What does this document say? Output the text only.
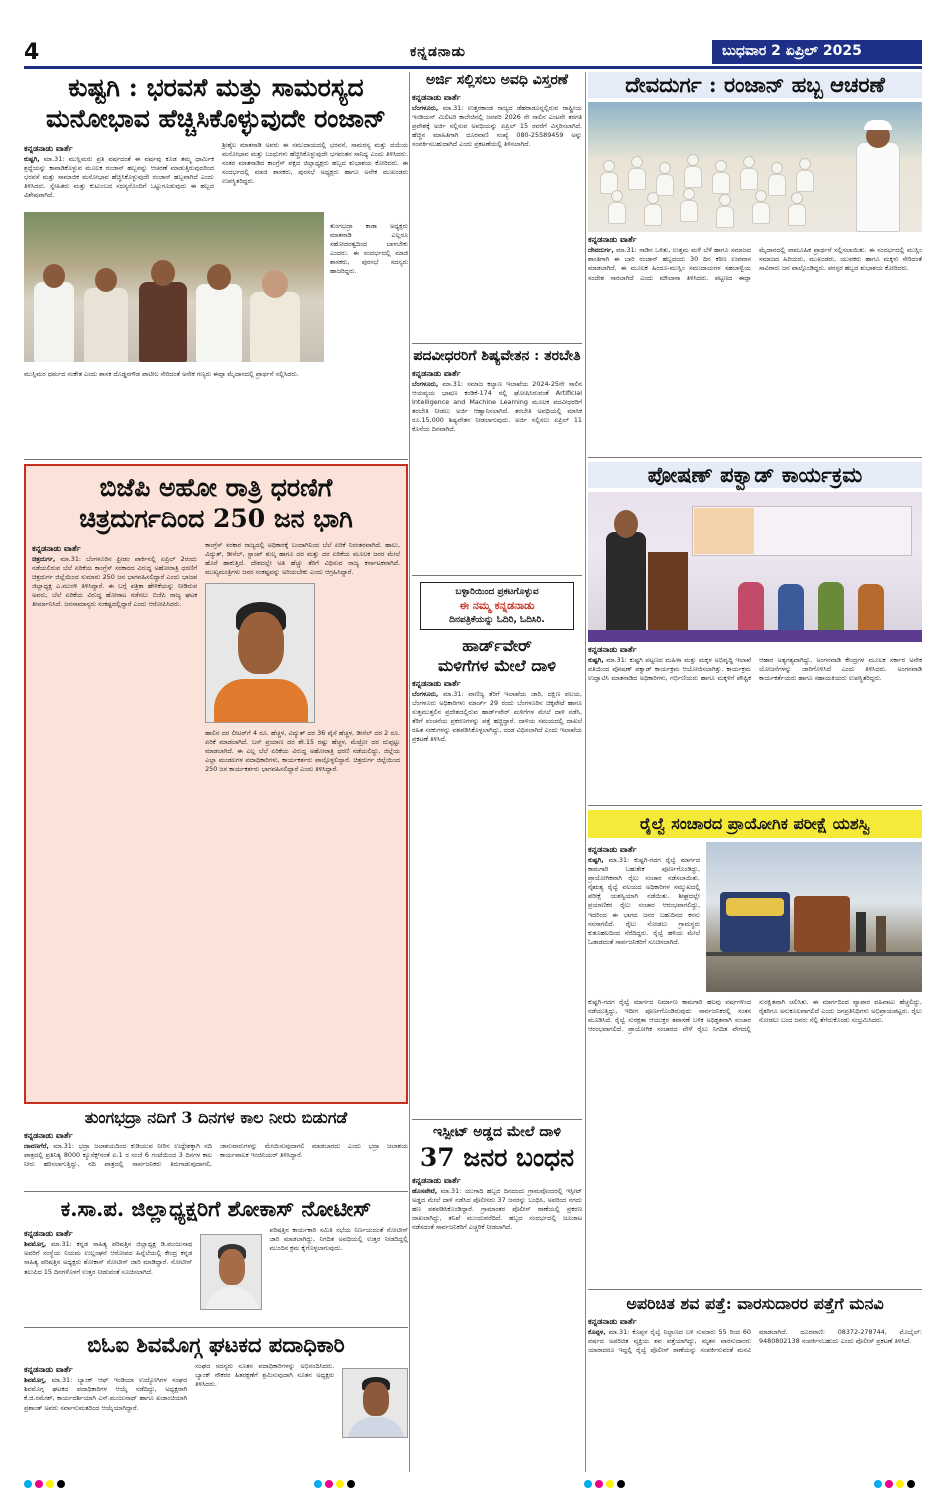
4	ಕನ್ನಡನಾಡು	ಬುಧವಾರ 2 ಏಪ್ರಿಲ್ 2025
ಕುಷ್ಟಗಿ : ಭರವಸೆ ಮತ್ತು ಸಾಮರಸ್ಯದ
ಮನೋಭಾವ ಹೆಚ್ಚಿಸಿಕೊಳ್ಳುವುದೇ ರಂಜಾನ್
ಕನ್ನಡನಾಡು ವಾರ್ತೆ
ಕುಷ್ಟಗಿ, ಮಾ.31: ಮುಸ್ಲಿಮರು ಪ್ರತಿ ವರ್ಷದಂತೆ ಈ ವರ್ಷವು ಕೂಡ ತಮ್ಮ ಧಾರ್ಮಿಕ ಶ್ರದ್ಧೆಯನ್ನು ಕಾಪಾಡಿಕೊಳ್ಳುವ ಮೂಲಕ ರಂಜಾನ್ ಹಬ್ಬವನ್ನು ಆಚರಣೆ ಮಾಡುತ್ತಿರುವುದರಿಂದ ಭರವಸೆ ಮತ್ತು ಸಾಮಾಜಿಕ ಮನೋಭಾವ ಹೆಚ್ಚಿಸಿಕೊಳ್ಳುವುದೇ ರಂಜಾನ್ ಹಬ್ಬವಾಗಿದೆ ಎಂದು ತಿಳಿಸಿದರು. ಸ್ನೇಹಿತರು ಮತ್ತು ಕುಟುಂಬದ ಸದಸ್ಯರೊಂದಿಗೆ ಒಟ್ಟುಗೂಡುವುದು ಈ ಹಬ್ಬದ ವಿಶೇಷವಾಗಿದೆ.
ಶ್ರೀಶೈಲ ಮಾತನಾಡಿ ಅವರು ಈ ಸಮುದಾಯದಲ್ಲಿ ಭರವಸೆ, ಸಾಮರಸ್ಯ ಮತ್ತು ದಯೆಯ ಮನೋಭಾವ ಮತ್ತು ಬಂಧುಗಳು ಹೆಚ್ಚಿಸಿಕೊಳ್ಳುವುದೇ ಭಗವಂತನ ಸಾನಿಧ್ಯ ಎಂದು ತಿಳಿಸಿದರು. ನಂತರ ಮಾತನಾಡಿದ ಕಾಂಗ್ರೆಸ್ ಪಕ್ಷದ ಜಿಲ್ಲಾಧ್ಯಕ್ಷರು ಹಬ್ಬದ ಶುಭಾಶಯ ಕೋರಿದರು. ಈ ಸಂದರ್ಭದಲ್ಲಿ ಮಾಜಿ ಶಾಸಕರು, ಪುರಸಭೆ ಅಧ್ಯಕ್ಷರು ಹಾಗೂ ಅನೇಕ ಮುಖಂಡರು ಉಪಸ್ಥಿತರಿದ್ದರು.
ತುಂಗಭದ್ರಾ ಕಾಡಾ ಅಧ್ಯಕ್ಷರು ಮಾತನಾಡಿ ಎಲ್ಲರೂ ಸಹೋದರತ್ವದಿಂದ ಬಾಳಬೇಕು ಎಂದರು. ಈ ಸಂದರ್ಭದಲ್ಲಿ ಮಾಜಿ ಶಾಸಕರು, ಪುರಸಭೆ ಸದಸ್ಯರು ಹಾಜರಿದ್ದರು.
ಮುಸ್ಲಿಮರ ಧರ್ಮದ ಸಂಕೇತ ಎಂದು ಶಾಸಕ ದೊಡ್ಡನಗೌಡ ಪಾಟೀಲ ಸೇರಿದಂತೆ ಅನೇಕ ಗಣ್ಯರು ಈದ್ಗಾ ಮೈದಾನದಲ್ಲಿ ಪ್ರಾರ್ಥನೆ ಸಲ್ಲಿಸಿದರು.
ಬಿಜೆಪಿ ಅಹೋ ರಾತ್ರಿ ಧರಣಿಗೆ
ಚಿತ್ರದುರ್ಗದಿಂದ 250 ಜನ ಭಾಗಿ
ಕನ್ನಡನಾಡು ವಾರ್ತೆ
ಚಿತ್ರದುರ್ಗ, ಮಾ.31: ಬೆಂಗಳೂರಿನ ಫ್ರೀಡಂ ಪಾರ್ಕಿನಲ್ಲಿ ಏಪ್ರಿಲ್ 2ರಂದು ನಡೆಯಲಿರುವ ಬೆಲೆ ಏರಿಕೆಯ ಕಾಂಗ್ರೆಸ್ ಸರಕಾರದ ವಿರುದ್ಧ ಅಹೋರಾತ್ರಿ ಧರಣಿಗೆ ಚಿತ್ರದುರ್ಗ ಜಿಲ್ಲೆಯಿಂದ ಸುಮಾರು 250 ಜನ ಭಾಗವಹಿಸಲಿದ್ದಾರೆ ಎಂದು ಭಾಜಪ ಜಿಲ್ಲಾಧ್ಯಕ್ಷ ಎ.ಮುರಳಿ ತಿಳಿಸಿದ್ದಾರೆ. ಈ ಬಗ್ಗೆ ಪತ್ರಿಕಾ ಹೇಳಿಕೆಯನ್ನು ನೀಡಿರುವ ಅವರು, ಬೆಲೆ ಏರಿಕೆಯ ವಿರುದ್ಧ ಹೋರಾಟ ನಡೆಸಲು ಬಿಜೆಪಿ ರಾಜ್ಯ ಘಟಕ ತೀರ್ಮಾನಿಸಿದೆ. ಜನಸಾಮಾನ್ಯರು ಸಂಕಷ್ಟದಲ್ಲಿದ್ದಾರೆ ಎಂದು ಆರೋಪಿಸಿದರು.
ಕಾಂಗ್ರೆಸ್ ಸರಕಾರ ರಾಜ್ಯದಲ್ಲಿ ಅಧಿಕಾರಕ್ಕೆ ಬಂದಾಗಿನಿಂದ ಬೆಲೆ ಏರಿಕೆ ನಿರಂತರವಾಗಿದೆ. ಹಾಲು, ವಿದ್ಯುತ್, ಡೀಸೆಲ್, ಸ್ಟಾಂಪ್ ಶುಲ್ಕ ಹಾಗೂ ದರ ಮತ್ತು ದರ ಏರಿಕೆಯ ಮೂಲಕ ಜನರ ಮೇಲೆ ಹೊರೆ ಹಾಕುತ್ತಿದೆ. ದೇಶದಲ್ಲೇ ಅತಿ ಹೆಚ್ಚು ತೆರಿಗೆ ವಿಧಿಸುವ ರಾಜ್ಯ ಕರ್ನಾಟಕವಾಗಿದೆ. ಮುಖ್ಯಮಂತ್ರಿಗಳು ಜನರ ಸಂಕಷ್ಟವನ್ನು ಅರಿಯಬೇಕು ಎಂದು ಆಗ್ರಹಿಸಿದ್ದಾರೆ.
ಹಾಲಿನ ದರ ಲೀಟರ್‌ಗೆ 4 ರೂ. ಹೆಚ್ಚಳ, ವಿದ್ಯುತ್ ದರ 36 ಪೈಸೆ ಹೆಚ್ಚಳ, ಡೀಸೆಲ್ ದರ 2 ರೂ. ಏರಿಕೆ ಮಾಡಲಾಗಿದೆ. ಬಸ್ ಪ್ರಯಾಣ ದರ ಶೇ.15 ರಷ್ಟು ಹೆಚ್ಚಳ, ಮೆಟ್ರೋ ದರ ದುಪ್ಪಟ್ಟು ಮಾಡಲಾಗಿದೆ. ಈ ಎಲ್ಲ ಬೆಲೆ ಏರಿಕೆಯ ವಿರುದ್ಧ ಅಹೋರಾತ್ರಿ ಧರಣಿ ನಡೆಯಲಿದ್ದು, ಜಿಲ್ಲೆಯ ಎಲ್ಲಾ ಮಂಡಲಗಳ ಪದಾಧಿಕಾರಿಗಳು, ಕಾರ್ಯಕರ್ತರು ಪಾಲ್ಗೊಳ್ಳಲಿದ್ದಾರೆ. ಚಿತ್ರದುರ್ಗ ಜಿಲ್ಲೆಯಿಂದ 250 ಜನ ಕಾರ್ಯಕರ್ತರು ಭಾಗವಹಿಸಲಿದ್ದಾರೆ ಎಂದು ತಿಳಿಸಿದ್ದಾರೆ.
ತುಂಗಭದ್ರಾ ನದಿಗೆ 3 ದಿನಗಳ ಕಾಲ ನೀರು ಬಿಡುಗಡೆ
ಕನ್ನಡನಾಡು ವಾರ್ತೆ
ದಾವಣಗೆರೆ, ಮಾ.31: ಭದ್ರಾ ಜಲಾಶಯದಿಂದ ಕುಡಿಯುವ ನೀರಿನ ಉದ್ದೇಶಕ್ಕಾಗಿ ನದಿ ಪಾತ್ರದಲ್ಲಿ ಪ್ರತಿನಿತ್ಯ 8000 ಕ್ಯೂಸೆಕ್ಸ್‌ನಂತೆ ಏ.1 ರ ಸಂಜೆ 6 ಗಂಟೆಯಿಂದ 3 ದಿನಗಳ ಕಾಲ ನೀರು ಹರಿಸಲಾಗುತ್ತಿದ್ದು, ನದಿ ಪಾತ್ರದಲ್ಲಿ ಸಾರ್ವಜನಿಕರು ತಿರುಗಾಡುವುದಾಗಲಿ, ಜಾನುವಾರುಗಳನ್ನು ಮೇಯಿಸುವುದಾಗಲಿ ಮಾಡಬಾರದು ಎಂದು ಭದ್ರಾ ಜಲಾಶಯ ಕಾರ್ಯಪಾಲಕ ಇಂಜಿನಿಯರ್ ತಿಳಿಸಿದ್ದಾರೆ.
ಕ.ಸಾ.ಪ. ಜಿಲ್ಲಾಧ್ಯಕ್ಷರಿಗೆ ಶೋಕಾಸ್ ನೋಟೀಸ್
ಕನ್ನಡನಾಡು ವಾರ್ತೆ
ಶಿವಮೊಗ್ಗ, ಮಾ.31: ಕನ್ನಡ ಸಾಹಿತ್ಯ ಪರಿಷತ್ತಿನ ಜಿಲ್ಲಾಧ್ಯಕ್ಷ ಡಿ.ಮಂಜುನಾಥ ಅವರಿಗೆ ಸಂಸ್ಥೆಯ ನಿಯಮ ಉಲ್ಲಂಘನೆ ಆರೋಪದ ಹಿನ್ನೆಲೆಯಲ್ಲಿ ಕೇಂದ್ರ ಕನ್ನಡ ಸಾಹಿತ್ಯ ಪರಿಷತ್ತಿನ ಅಧ್ಯಕ್ಷರು ಶೋಕಾಸ್ ನೋಟೀಸ್ ಜಾರಿ ಮಾಡಿದ್ದಾರೆ. ನೋಟೀಸ್ ತಲುಪಿದ 15 ದಿನಗಳೊಳಗೆ ಉತ್ತರ ನೀಡುವಂತೆ ಸೂಚಿಸಲಾಗಿದೆ.
ಪರಿಷತ್ತಿನ ಕಾರ್ಯಕಾರಿ ಸಮಿತಿ ಸಭೆಯ ನಿರ್ಣಯದಂತೆ ನೋಟೀಸ್ ಜಾರಿ ಮಾಡಲಾಗಿದ್ದು, ನಿಗದಿತ ಅವಧಿಯಲ್ಲಿ ಉತ್ತರ ನೀಡದಿದ್ದಲ್ಲಿ ಮುಂದಿನ ಕ್ರಮ ಕೈಗೊಳ್ಳಲಾಗುವುದು.
ಬಿಓಐ ಶಿವಮೊಗ್ಗ ಘಟಕದ ಪದಾಧಿಕಾರಿ
ಕನ್ನಡನಾಡು ವಾರ್ತೆ
ಶಿವಮೊಗ್ಗ, ಮಾ.31: ಬ್ಯಾಂಕ್ ಆಫ್ ಇಂಡಿಯಾ ಉದ್ಯೋಗಿಗಳ ಸಂಘದ ಶಿವಮೊಗ್ಗ ಘಟಕದ ಪದಾಧಿಕಾರಿಗಳ ಆಯ್ಕೆ ನಡೆದಿದ್ದು, ಅಧ್ಯಕ್ಷರಾಗಿ ಕೆ.ಜಿ.ರಮೇಶ್, ಕಾರ್ಯದರ್ಶಿಯಾಗಿ ಎಸ್.ಮಂಜುನಾಥ್ ಹಾಗೂ ಖಜಾಂಚಿಯಾಗಿ ಪ್ರಶಾಂತ್ ಅವರು ಸರ್ವಾನುಮತದಿಂದ ಆಯ್ಕೆಯಾಗಿದ್ದಾರೆ.
ಸಂಘದ ಸದಸ್ಯರು ನೂತನ ಪದಾಧಿಕಾರಿಗಳನ್ನು ಅಭಿನಂದಿಸಿದರು. ಬ್ಯಾಂಕ್ ನೌಕರರ ಹಿತರಕ್ಷಣೆಗೆ ಶ್ರಮಿಸುವುದಾಗಿ ನೂತನ ಅಧ್ಯಕ್ಷರು ತಿಳಿಸಿದರು.
ಅರ್ಜಿ ಸಲ್ಲಿಸಲು ಅವಧಿ ವಿಸ್ತರಣೆ
ಕನ್ನಡನಾಡು ವಾರ್ತೆ
ಬೆಂಗಳೂರು, ಮಾ.31: ಉತ್ತರಕಾಂಡ ರಾಜ್ಯದ ಡೆಹರಾಡೂನ್ನಲ್ಲಿರುವ ರಾಷ್ಟ್ರೀಯ ಇಂಡಿಯನ್ ಮಿಲಿಟರಿ ಕಾಲೇಜಿನಲ್ಲಿ ಜನವರಿ 2026 ನೇ ಸಾಲಿನ ಎಂಟನೇ ತರಗತಿ ಪ್ರವೇಶಕ್ಕೆ ಅರ್ಜಿ ಸಲ್ಲಿಸುವ ಅವಧಿಯನ್ನು ಏಪ್ರಿಲ್ 15 ರವರೆಗೆ ವಿಸ್ತರಿಸಲಾಗಿದೆ. ಹೆಚ್ಚಿನ ಮಾಹಿತಿಗಾಗಿ ದೂರವಾಣಿ ಸಂಖ್ಯೆ 080-25589459 ಅನ್ನು ಸಂಪರ್ಕಿಸಬಹುದಾಗಿದೆ ಎಂದು ಪ್ರಕಟಣೆಯಲ್ಲಿ ತಿಳಿಸಲಾಗಿದೆ.
ಪದವೀಧರರಿಗೆ ಶಿಷ್ಯವೇತನ : ತರಬೇತಿ
ಕನ್ನಡನಾಡು ವಾರ್ತೆ
ಬೆಂಗಳೂರು, ಮಾ.31: ಸಮಾಜ ಕಲ್ಯಾಣ ಇಲಾಖೆಯ 2024-25ನೇ ಸಾಲಿನ ಆಯವ್ಯಯ ಭಾಷಣ ಕಂಡಿಕೆ-174 ರಲ್ಲಿ ಘೋಷಿಸಿರುವಂತೆ Artificial Intelligence and Machine Learning ಮೂಲಕ ಪದವೀಧರರಿಗೆ ತರಬೇತಿ ನೀಡಲು ಅರ್ಜಿ ಆಹ್ವಾನಿಸಲಾಗಿದೆ. ತರಬೇತಿ ಅವಧಿಯಲ್ಲಿ ಮಾಸಿಕ ರೂ.15,000 ಶಿಷ್ಯವೇತನ ನೀಡಲಾಗುವುದು. ಅರ್ಜಿ ಸಲ್ಲಿಸಲು ಏಪ್ರಿಲ್ 11 ಕೊನೆಯ ದಿನವಾಗಿದೆ.
ಬಳ್ಳಾರಿಯಿಂದ ಪ್ರಕಟಗೊಳ್ಳುವ
ಈ ನಮ್ಮ ಕನ್ನಡನಾಡು
ದಿನಪತ್ರಿಕೆಯನ್ನು ಓದಿರಿ, ಓದಿಸಿರಿ.
ಹಾರ್ಡ್‌ವೇರ್
ಮಳಿಗೆಗಳ ಮೇಲೆ ದಾಳಿ
ಕನ್ನಡನಾಡು ವಾರ್ತೆ
ಬೆಂಗಳೂರು, ಮಾ.31: ವಾಣಿಜ್ಯ ತೆರಿಗೆ ಇಲಾಖೆಯ ಜಾರಿ, ದಕ್ಷಿಣ ವಲಯ, ಬೆಂಗಳೂರು ಅಧಿಕಾರಿಗಳು ಮಾರ್ಚ್ 29 ರಂದು ಬೆಂಗಳೂರಿನ ಚಿಕ್ಕಪೇಟೆ ಹಾಗೂ ಸುತ್ತಮುತ್ತಲಿನ ಪ್ರದೇಶದಲ್ಲಿರುವ ಹಾರ್ಡ್‌ವೇರ್ ಮಳಿಗೆಗಳ ಮೇಲೆ ದಾಳಿ ನಡೆಸಿ, ತೆರಿಗೆ ವಂಚನೆಯ ಪ್ರಕರಣಗಳನ್ನು ಪತ್ತೆ ಹಚ್ಚಿದ್ದಾರೆ. ದಾಳಿಯ ಸಮಯದಲ್ಲಿ ದಾಖಲೆ ರಹಿತ ಸರಕುಗಳನ್ನು ವಶಪಡಿಸಿಕೊಳ್ಳಲಾಗಿದ್ದು, ದಂಡ ವಿಧಿಸಲಾಗಿದೆ ಎಂದು ಇಲಾಖೆಯ ಪ್ರಕಟಣೆ ತಿಳಿಸಿದೆ.
ಇಸ್ಪೀಟ್ ಅಡ್ಡದ ಮೇಲೆ ದಾಳಿ
37 ಜನರ ಬಂಧನ
ಕನ್ನಡನಾಡು ವಾರ್ತೆ
ಹೊಸಪೇಟೆ, ಮಾ.31: ಯುಗಾದಿ ಹಬ್ಬದ ದಿನದಂದು ಗ್ರಾಮವೊಂದರಲ್ಲಿ ಇಸ್ಪೀಟ್ ಅಡ್ಡದ ಮೇಲೆ ದಾಳಿ ನಡೆಸಿದ ಪೊಲೀಸರು 37 ಜನರನ್ನು ಬಂಧಿಸಿ, ಅವರಿಂದ ನಗದು ಹಣ ವಶಪಡಿಸಿಕೊಂಡಿದ್ದಾರೆ. ಗ್ರಾಮಾಂತರ ಪೊಲೀಸ್ ಠಾಣೆಯಲ್ಲಿ ಪ್ರಕರಣ ದಾಖಲಾಗಿದ್ದು, ತನಿಖೆ ಮುಂದುವರೆದಿದೆ. ಹಬ್ಬದ ಸಂದರ್ಭದಲ್ಲಿ ಜೂಜಾಟ ನಡೆಸದಂತೆ ಸಾರ್ವಜನಿಕರಿಗೆ ಎಚ್ಚರಿಕೆ ನೀಡಲಾಗಿದೆ.
ದೇವದುರ್ಗ : ರಂಜಾನ್ ಹಬ್ಬ ಆಚರಣೆ
ಕನ್ನಡನಾಡು ವಾರ್ತೆ
ದೇವದುರ್ಗ, ಮಾ.31: ನಾಡಿನ ಒಳಿತು, ಉತ್ತಮ ಮಳೆ ಬೆಳೆ ಹಾಗೂ ಸಮಾಜದ ಶಾಂತಿಗಾಗಿ ಈ ಬಾರಿ ರಂಜಾನ್ ಹಬ್ಬದಂದು 30 ದಿನ ಕಠಿಣ ಉಪವಾಸ ಮಾಡಲಾಗಿದೆ. ಈ ಮೂಲಕ ಹಿಂದೂ-ಮುಸ್ಲಿಂ ಸಮುದಾಯಗಳ ಸಹಬಾಳ್ವೆಯ ಸಂದೇಶ ಸಾರಲಾಗಿದೆ ಎಂದು ಮೌಲಾನಾ ತಿಳಿಸಿದರು. ಪಟ್ಟಣದ ಈದ್ಗಾ ಮೈದಾನದಲ್ಲಿ ಸಾಮೂಹಿಕ ಪ್ರಾರ್ಥನೆ ಸಲ್ಲಿಸಲಾಯಿತು. ಈ ಸಂದರ್ಭದಲ್ಲಿ ಮುಸ್ಲಿಂ ಸಮಾಜದ ಹಿರಿಯರು, ಮುಖಂಡರು, ಯುವಕರು ಹಾಗೂ ಮಕ್ಕಳು ಸೇರಿದಂತೆ ಸಾವಿರಾರು ಜನ ಪಾಲ್ಗೊಂಡಿದ್ದರು. ಪರಸ್ಪರ ಹಬ್ಬದ ಶುಭಾಶಯ ಕೋರಿದರು.
ಪೋಷಣ್ ಪಕ್ವಾಡ್ ಕಾರ್ಯಕ್ರಮ
ಕನ್ನಡನಾಡು ವಾರ್ತೆ
ಕುಷ್ಟಗಿ, ಮಾ.31: ಕುಷ್ಟಗಿ ಪಟ್ಟಣದ ಮಹಿಳಾ ಮತ್ತು ಮಕ್ಕಳ ಅಭಿವೃದ್ಧಿ ಇಲಾಖೆ ವತಿಯಿಂದ ಪೋಷಣ್ ಪಕ್ವಾಡ್ ಕಾರ್ಯಕ್ರಮ ಆಯೋಜಿಸಲಾಗಿತ್ತು. ಕಾರ್ಯಕ್ರಮ ಉದ್ಘಾಟಿಸಿ ಮಾತನಾಡಿದ ಅಧಿಕಾರಿಗಳು, ಗರ್ಭಿಣಿಯರು ಹಾಗೂ ಮಕ್ಕಳಿಗೆ ಪೌಷ್ಟಿಕ ಆಹಾರ ಅತ್ಯಗತ್ಯವಾಗಿದ್ದು, ಅಂಗನವಾಡಿ ಕೇಂದ್ರಗಳ ಮೂಲಕ ಸರ್ಕಾರ ಅನೇಕ ಯೋಜನೆಗಳನ್ನು ಜಾರಿಗೊಳಿಸಿದೆ ಎಂದು ತಿಳಿಸಿದರು. ಅಂಗನವಾಡಿ ಕಾರ್ಯಕರ್ತೆಯರು ಹಾಗೂ ಸಹಾಯಕಿಯರು ಉಪಸ್ಥಿತರಿದ್ದರು.
ರೈಲ್ವೆ ಸಂಚಾರದ ಪ್ರಾಯೋಗಿಕ ಪರೀಕ್ಷೆ ಯಶಸ್ವಿ
ಕನ್ನಡನಾಡು ವಾರ್ತೆ
ಕುಷ್ಟಗಿ, ಮಾ.31: ಕುಷ್ಟಗಿ-ಗದಗ ರೈಲ್ವೆ ಮಾರ್ಗದ ಕಾಮಗಾರಿ ಬಹುತೇಕ ಪೂರ್ಣಗೊಂಡಿದ್ದು, ಪ್ರಾಯೋಗಿಕವಾಗಿ ರೈಲು ಸಂಚಾರ ನಡೆಸಲಾಯಿತು. ನೈಋತ್ಯ ರೈಲ್ವೆ ವಲಯದ ಅಧಿಕಾರಿಗಳ ಸಮ್ಮುಖದಲ್ಲಿ ಪರೀಕ್ಷೆ ಯಶಸ್ವಿಯಾಗಿ ನಡೆಯಿತು. ಶೀಘ್ರದಲ್ಲೇ ಪ್ರಯಾಣಿಕರ ರೈಲು ಸಂಚಾರ ಆರಂಭವಾಗಲಿದ್ದು, ಇದರಿಂದ ಈ ಭಾಗದ ಜನರ ಬಹುದಿನದ ಕನಸು ನನಸಾಗಲಿದೆ. ರೈಲು ನೋಡಲು ಗ್ರಾಮಸ್ಥರು ಕುತೂಹಲದಿಂದ ನೆರೆದಿದ್ದರು. ರೈಲ್ವೆ ಹಳಿಯ ಮೇಲೆ ಓಡಾಡದಂತೆ ಸಾರ್ವಜನಿಕರಿಗೆ ಸೂಚಿಸಲಾಗಿದೆ.
ಕುಷ್ಟಗಿ-ಗದಗ ರೈಲ್ವೆ ಮಾರ್ಗದ ನಿರ್ಮಾಣ ಕಾಮಗಾರಿ ಹಲವು ವರ್ಷಗಳಿಂದ ನಡೆಯುತ್ತಿದ್ದು, ಇದೀಗ ಪೂರ್ಣಗೊಂಡಿರುವುದು ಸಾರ್ವಜನಿಕರಲ್ಲಿ ಸಂತಸ ಮೂಡಿಸಿದೆ. ರೈಲ್ವೆ ಸುರಕ್ಷತಾ ಆಯುಕ್ತರ ತಪಾಸಣೆ ಬಳಿಕ ಅಧಿಕೃತವಾಗಿ ಸಂಚಾರ ಆರಂಭವಾಗಲಿದೆ. ಪ್ರಾಯೋಗಿಕ ಸಂಚಾರದ ವೇಳೆ ರೈಲು ನಿಗದಿತ ವೇಗದಲ್ಲಿ ಸುರಕ್ಷಿತವಾಗಿ ಚಲಿಸಿತು. ಈ ಮಾರ್ಗದಿಂದ ವ್ಯಾಪಾರ ವಹಿವಾಟು ಹೆಚ್ಚಲಿದ್ದು, ರೈತರಿಗೂ ಅನುಕೂಲವಾಗಲಿದೆ ಎಂದು ಜನಪ್ರತಿನಿಧಿಗಳು ಅಭಿಪ್ರಾಯಪಟ್ಟರು. ರೈಲು ನೋಡಲು ಬಂದ ಜನರು ಸೆಲ್ಫಿ ತೆಗೆದುಕೊಂಡು ಸಂಭ್ರಮಿಸಿದರು.
ಅಪರಿಚಿತ ಶವ ಪತ್ತೆ: ವಾರಸುದಾರರ ಪತ್ತೆಗೆ ಮನವಿ
ಕನ್ನಡನಾಡು ವಾರ್ತೆ
ಕೊಪ್ಪಳ, ಮಾ.31: ಕೊಪ್ಪಳ ರೈಲ್ವೆ ನಿಲ್ದಾಣದ ಬಳಿ ಸುಮಾರು 55 ರಿಂದ 60 ವರ್ಷದ ಅಪರಿಚಿತ ವ್ಯಕ್ತಿಯ ಶವ ಪತ್ತೆಯಾಗಿದ್ದು, ಮೃತನ ವಾರಸುದಾರರು ಯಾರಾದರೂ ಇದ್ದಲ್ಲಿ ರೈಲ್ವೆ ಪೊಲೀಸ್ ಠಾಣೆಯನ್ನು ಸಂಪರ್ಕಿಸುವಂತೆ ಮನವಿ ಮಾಡಲಾಗಿದೆ. ದೂರವಾಣಿ: 08372-278744, ಮೊಬೈಲ್: 9480802138 ಸಂಪರ್ಕಿಸಬಹುದು ಎಂದು ಪೊಲೀಸ್ ಪ್ರಕಟಣೆ ತಿಳಿಸಿದೆ.
